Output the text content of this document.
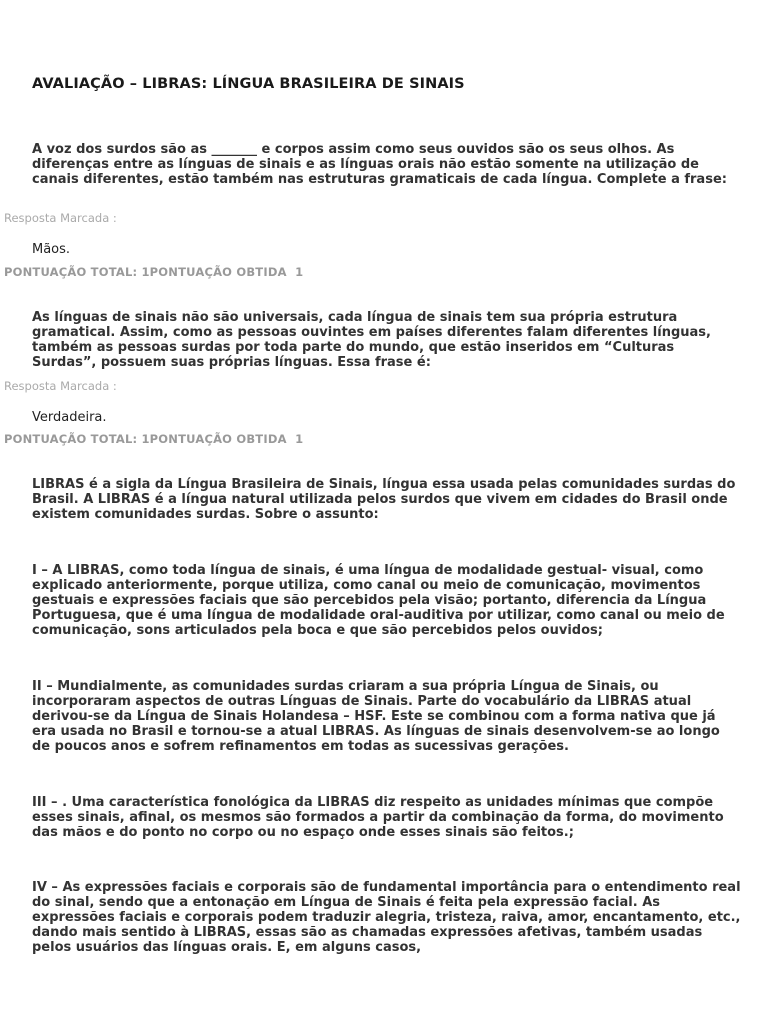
AVALIAÇÃO – LIBRAS: LÍNGUA BRASILEIRA DE SINAIS

A voz dos surdos são as _______ e corpos assim como seus ouvidos são os seus olhos. As diferenças entre as línguas de sinais e as línguas orais não estão somente na utilização de canais diferentes, estão também nas estruturas gramaticais de cada língua. Complete a frase:

Resposta Marcada :
Mãos.
PONTUAÇÃO TOTAL: 1PONTUAÇÃO OBTIDA  1

As línguas de sinais não são universais, cada língua de sinais tem sua própria estrutura gramatical. Assim, como as pessoas ouvintes em países diferentes falam diferentes línguas, também as pessoas surdas por toda parte do mundo, que estão inseridos em “Culturas Surdas”, possuem suas próprias línguas. Essa frase é:

Resposta Marcada :
Verdadeira.
PONTUAÇÃO TOTAL: 1PONTUAÇÃO OBTIDA  1

LIBRAS é a sigla da Língua Brasileira de Sinais, língua essa usada pelas comunidades surdas do Brasil. A LIBRAS é a língua natural utilizada pelos surdos que vivem em cidades do Brasil onde existem comunidades surdas. Sobre o assunto:

I – A LIBRAS, como toda língua de sinais, é uma língua de modalidade gestual- visual, como explicado anteriormente, porque utiliza, como canal ou meio de comunicação, movimentos gestuais e expressões faciais que são percebidos pela visão; portanto, diferencia da Língua Portuguesa, que é uma língua de modalidade oral-auditiva por utilizar, como canal ou meio de comunicação, sons articulados pela boca e que são percebidos pelos ouvidos;

II – Mundialmente, as comunidades surdas criaram a sua própria Língua de Sinais, ou incorporaram aspectos de outras Línguas de Sinais. Parte do vocabulário da LIBRAS atual derivou-se da Língua de Sinais Holandesa – HSF. Este se combinou com a forma nativa que já era usada no Brasil e tornou-se a atual LIBRAS. As línguas de sinais desenvolvem-se ao longo de poucos anos e sofrem refinamentos em todas as sucessivas gerações.

III – . Uma característica fonológica da LIBRAS diz respeito as unidades mínimas que compõe esses sinais, afinal, os mesmos são formados a partir da combinação da forma, do movimento das mãos e do ponto no corpo ou no espaço onde esses sinais são feitos.;

IV – As expressões faciais e corporais são de fundamental importância para o entendimento real do sinal, sendo que a entonação em Língua de Sinais é feita pela expressão facial. As expressões faciais e corporais podem traduzir alegria, tristeza, raiva, amor, encantamento, etc., dando mais sentido à LIBRAS, essas são as chamadas expressões afetivas, também usadas pelos usuários das línguas orais. E, em alguns casos,
